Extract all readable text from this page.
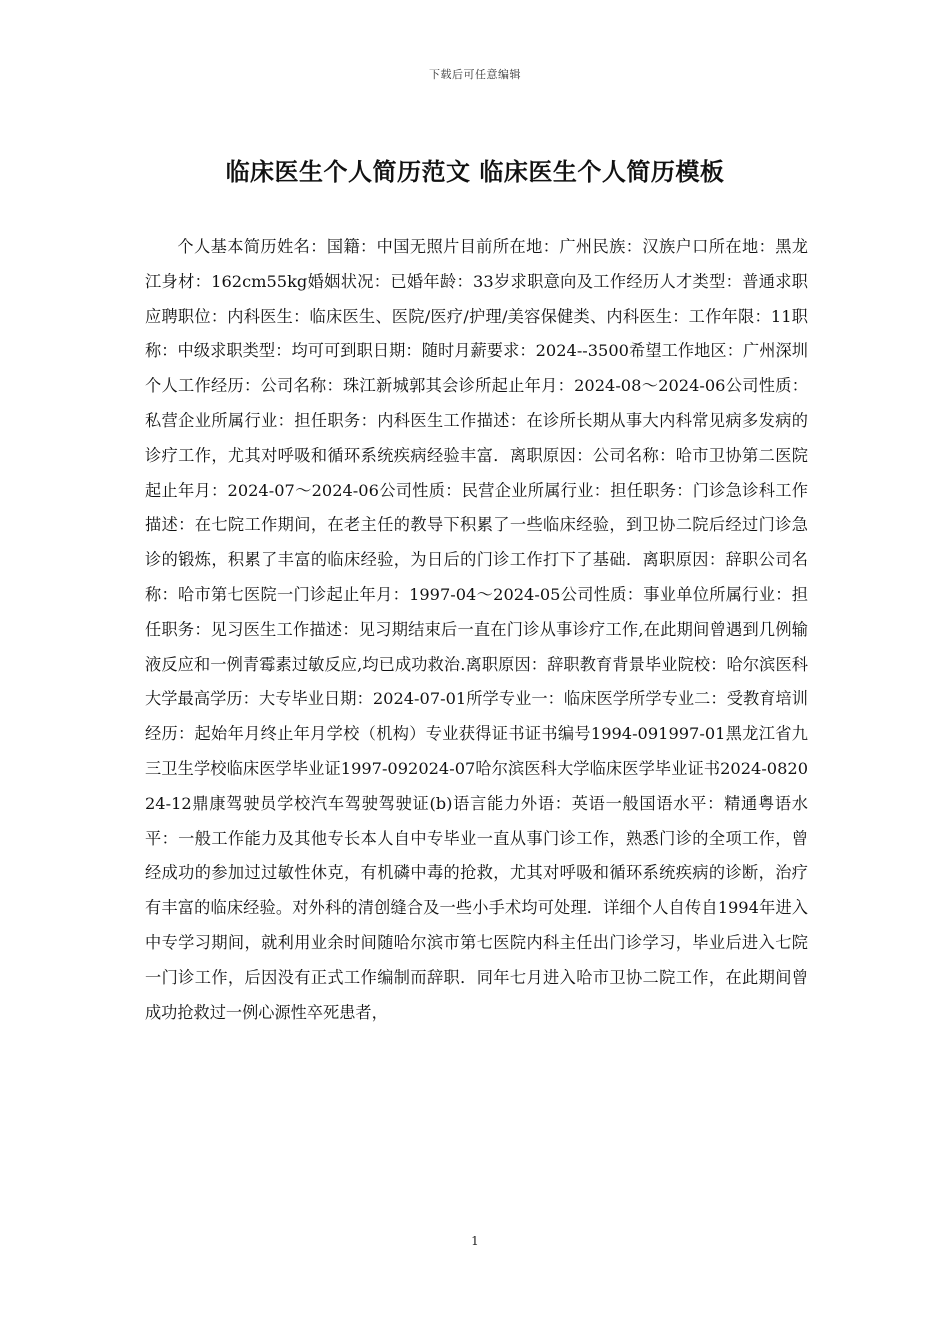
下载后可任意编辑
临床医生个人简历范文 临床医生个人简历模板

个人基本简历姓名：国籍：中国无照片目前所在地：广州民族：汉族户口所在地：黑龙江身材：162cm55kg婚姻状况：已婚年龄：33岁求职意向及工作经历人才类型：普通求职应聘职位：内科医生：临床医生、医院/医疗/护理/美容保健类、内科医生：工作年限：11职称：中级求职类型：均可可到职日期：随时月薪要求：2024--3500希望工作地区：广州深圳个人工作经历：公司名称：珠江新城郭其会诊所起止年月：2024-08～2024-06公司性质：私营企业所属行业：担任职务：内科医生工作描述：在诊所长期从事大内科常见病多发病的诊疗工作，尤其对呼吸和循环系统疾病经验丰富．离职原因：公司名称：哈市卫协第二医院起止年月：2024-07～2024-06公司性质：民营企业所属行业：担任职务：门诊急诊科工作描述：在七院工作期间，在老主任的教导下积累了一些临床经验，到卫协二院后经过门诊急诊的锻炼，积累了丰富的临床经验，为日后的门诊工作打下了基础．离职原因：辞职公司名称：哈市第七医院一门诊起止年月：1997-04～2024-05公司性质：事业单位所属行业：担任职务：见习医生工作描述：见习期结束后一直在门诊从事诊疗工作,在此期间曾遇到几例输液反应和一例青霉素过敏反应,均已成功救治.离职原因：辞职教育背景毕业院校：哈尔滨医科大学最高学历：大专毕业日期：2024-07-01所学专业一：临床医学所学专业二：受教育培训经历：起始年月终止年月学校（机构）专业获得证书证书编号1994-091997-01黑龙江省九三卫生学校临床医学毕业证1997-092024-07哈尔滨医科大学临床医学毕业证书2024-082024-12鼎康驾驶员学校汽车驾驶驾驶证(b)语言能力外语：英语一般国语水平：精通粤语水平：一般工作能力及其他专长本人自中专毕业一直从事门诊工作，熟悉门诊的全项工作，曾经成功的参加过过敏性休克，有机磷中毒的抢救，尤其对呼吸和循环系统疾病的诊断，治疗有丰富的临床经验。对外科的清创缝合及一些小手术均可处理．详细个人自传自1994年进入中专学习期间，就利用业余时间随哈尔滨市第七医院内科主任出门诊学习，毕业后进入七院一门诊工作，后因没有正式工作编制而辞职．同年七月进入哈市卫协二院工作，在此期间曾成功抢救过一例心源性卒死患者，

1
